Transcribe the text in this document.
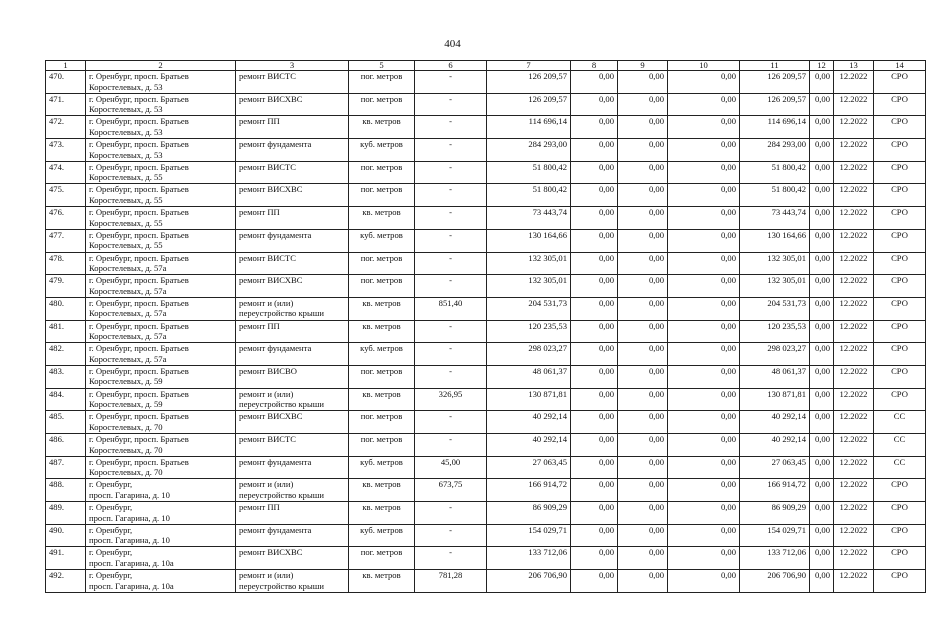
404
1	2	3	5	6	7	8	9	10	11	12	13	14
470.	г. Оренбург, просп. Братьев
Коростелевых, д. 53	ремонт ВИСТС	пог. метров	-	126 209,57	0,00	0,00	0,00	126 209,57	0,00	12.2022	СРО
471.	г. Оренбург, просп. Братьев
Коростелевых, д. 53	ремонт ВИСХВС	пог. метров	-	126 209,57	0,00	0,00	0,00	126 209,57	0,00	12.2022	СРО
472.	г. Оренбург, просп. Братьев
Коростелевых, д. 53	ремонт ПП	кв. метров	-	114 696,14	0,00	0,00	0,00	114 696,14	0,00	12.2022	СРО
473.	г. Оренбург, просп. Братьев
Коростелевых, д. 53	ремонт фундамента	куб. метров	-	284 293,00	0,00	0,00	0,00	284 293,00	0,00	12.2022	СРО
474.	г. Оренбург, просп. Братьев
Коростелевых, д. 55	ремонт ВИСТС	пог. метров	-	51 800,42	0,00	0,00	0,00	51 800,42	0,00	12.2022	СРО
475.	г. Оренбург, просп. Братьев
Коростелевых, д. 55	ремонт ВИСХВС	пог. метров	-	51 800,42	0,00	0,00	0,00	51 800,42	0,00	12.2022	СРО
476.	г. Оренбург, просп. Братьев
Коростелевых, д. 55	ремонт ПП	кв. метров	-	73 443,74	0,00	0,00	0,00	73 443,74	0,00	12.2022	СРО
477.	г. Оренбург, просп. Братьев
Коростелевых, д. 55	ремонт фундамента	куб. метров	-	130 164,66	0,00	0,00	0,00	130 164,66	0,00	12.2022	СРО
478.	г. Оренбург, просп. Братьев
Коростелевых, д. 57а	ремонт ВИСТС	пог. метров	-	132 305,01	0,00	0,00	0,00	132 305,01	0,00	12.2022	СРО
479.	г. Оренбург, просп. Братьев
Коростелевых, д. 57а	ремонт ВИСХВС	пог. метров	-	132 305,01	0,00	0,00	0,00	132 305,01	0,00	12.2022	СРО
480.	г. Оренбург, просп. Братьев
Коростелевых, д. 57а	ремонт и (или)
переустройство крыши	кв. метров	851,40	204 531,73	0,00	0,00	0,00	204 531,73	0,00	12.2022	СРО
481.	г. Оренбург, просп. Братьев
Коростелевых, д. 57а	ремонт ПП	кв. метров	-	120 235,53	0,00	0,00	0,00	120 235,53	0,00	12.2022	СРО
482.	г. Оренбург, просп. Братьев
Коростелевых, д. 57а	ремонт фундамента	куб. метров	-	298 023,27	0,00	0,00	0,00	298 023,27	0,00	12.2022	СРО
483.	г. Оренбург, просп. Братьев
Коростелевых, д. 59	ремонт ВИСВО	пог. метров	-	48 061,37	0,00	0,00	0,00	48 061,37	0,00	12.2022	СРО
484.	г. Оренбург, просп. Братьев
Коростелевых, д. 59	ремонт и (или)
переустройство крыши	кв. метров	326,95	130 871,81	0,00	0,00	0,00	130 871,81	0,00	12.2022	СРО
485.	г. Оренбург, просп. Братьев
Коростелевых, д. 70	ремонт ВИСХВС	пог. метров	-	40 292,14	0,00	0,00	0,00	40 292,14	0,00	12.2022	СС
486.	г. Оренбург, просп. Братьев
Коростелевых, д. 70	ремонт ВИСТС	пог. метров	-	40 292,14	0,00	0,00	0,00	40 292,14	0,00	12.2022	СС
487.	г. Оренбург, просп. Братьев
Коростелевых, д. 70	ремонт фундамента	куб. метров	45,00	27 063,45	0,00	0,00	0,00	27 063,45	0,00	12.2022	СС
488.	г. Оренбург,
просп. Гагарина, д. 10	ремонт и (или)
переустройство крыши	кв. метров	673,75	166 914,72	0,00	0,00	0,00	166 914,72	0,00	12.2022	СРО
489.	г. Оренбург,
просп. Гагарина, д. 10	ремонт ПП	кв. метров	-	86 909,29	0,00	0,00	0,00	86 909,29	0,00	12.2022	СРО
490.	г. Оренбург,
просп. Гагарина, д. 10	ремонт фундамента	куб. метров	-	154 029,71	0,00	0,00	0,00	154 029,71	0,00	12.2022	СРО
491.	г. Оренбург,
просп. Гагарина, д. 10а	ремонт ВИСХВС	пог. метров	-	133 712,06	0,00	0,00	0,00	133 712,06	0,00	12.2022	СРО
492.	г. Оренбург,
просп. Гагарина, д. 10а	ремонт и (или)
переустройство крыши	кв. метров	781,28	206 706,90	0,00	0,00	0,00	206 706,90	0,00	12.2022	СРО
